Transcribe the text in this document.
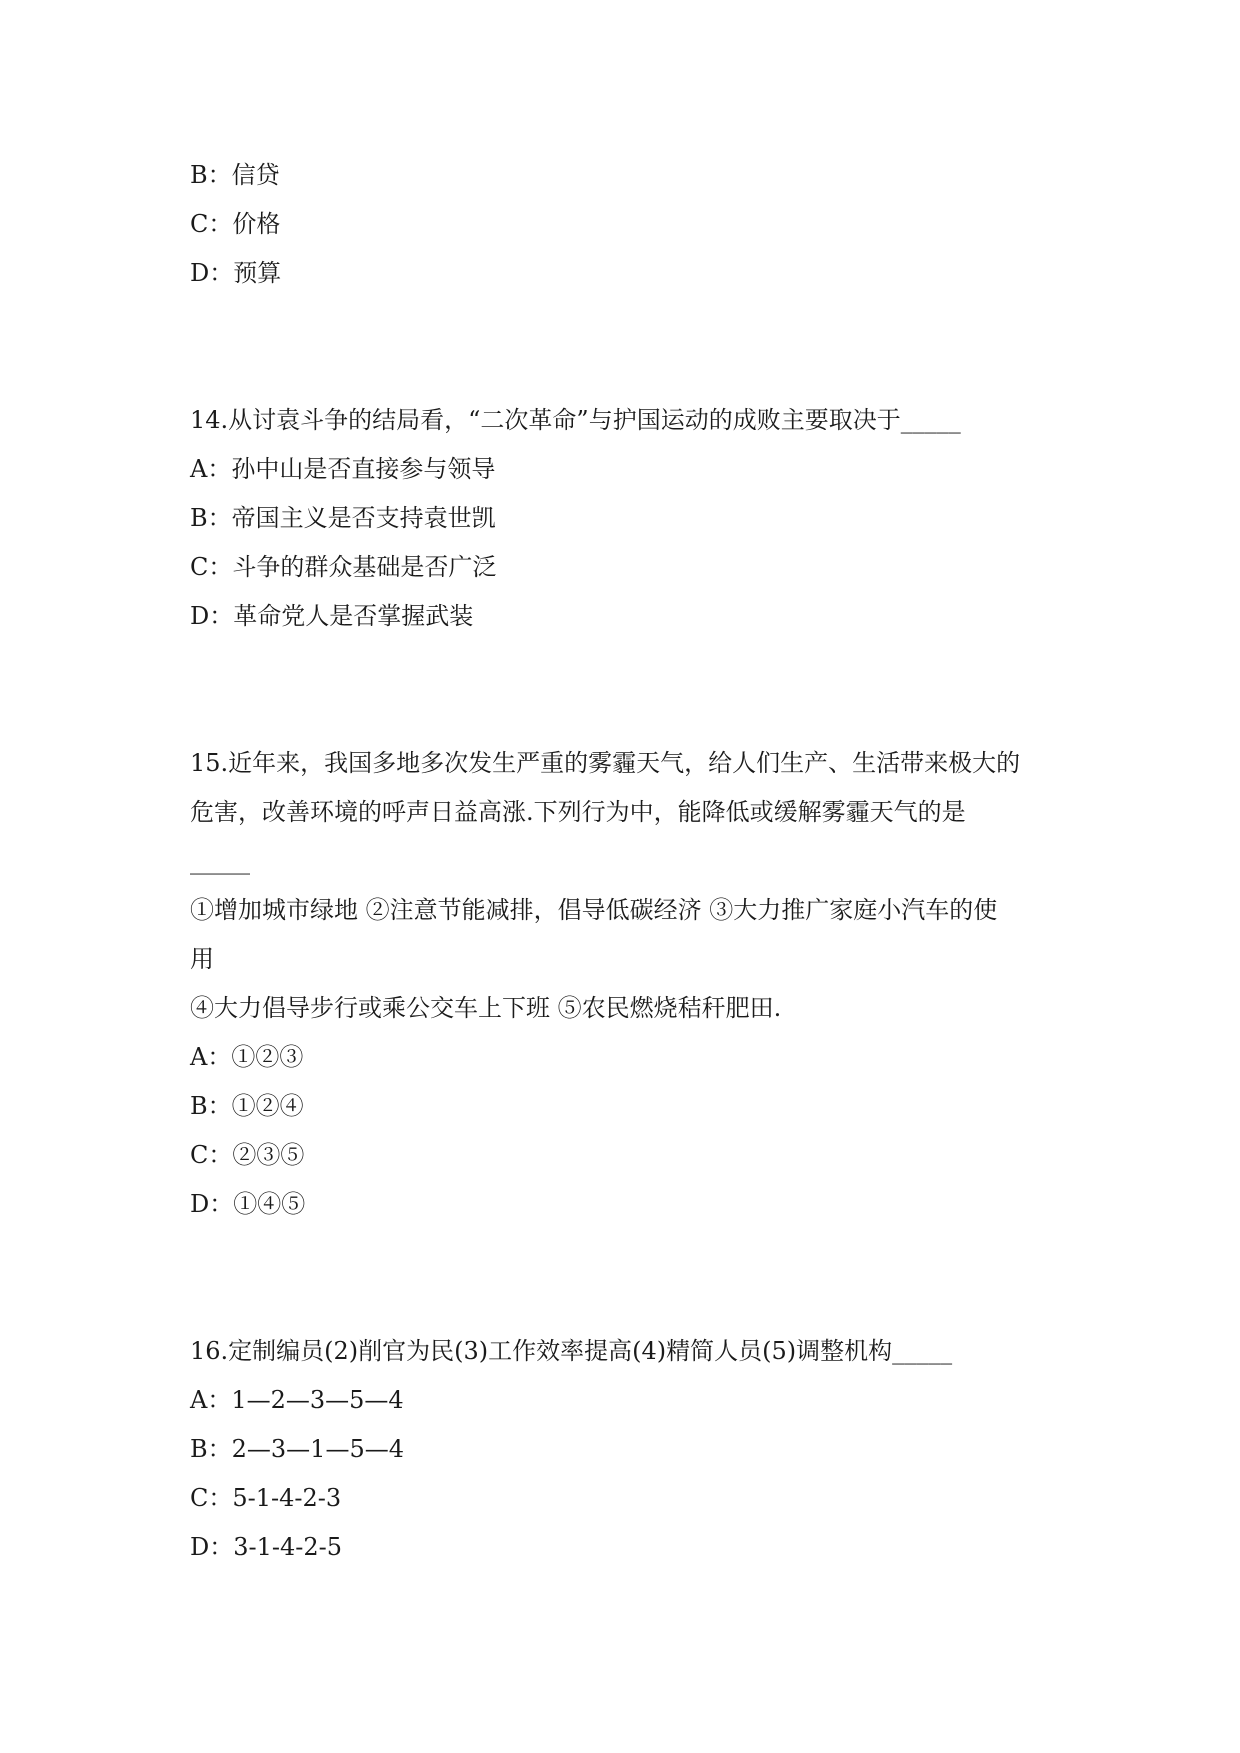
B：信贷
C：价格
D：预算
14.从讨袁斗争的结局看，“二次革命”与护国运动的成败主要取决于_____
A：孙中山是否直接参与领导
B：帝国主义是否支持袁世凯
C：斗争的群众基础是否广泛
D：革命党人是否掌握武装
15.近年来，我国多地多次发生严重的雾霾天气，给人们生产、生活带来极大的
危害，改善环境的呼声日益高涨.下列行为中，能降低或缓解雾霾天气的是
_____
①增加城市绿地 ②注意节能减排，倡导低碳经济 ③大力推广家庭小汽车的使
用
④大力倡导步行或乘公交车上下班 ⑤农民燃烧秸秆肥田.
A：①②③
B：①②④
C：②③⑤
D：①④⑤
16.定制编员(2)削官为民(3)工作效率提高(4)精简人员(5)调整机构_____
A：1—2—3—5—4
B：2—3—1—5—4
C：5-1-4-2-3
D：3-1-4-2-5
